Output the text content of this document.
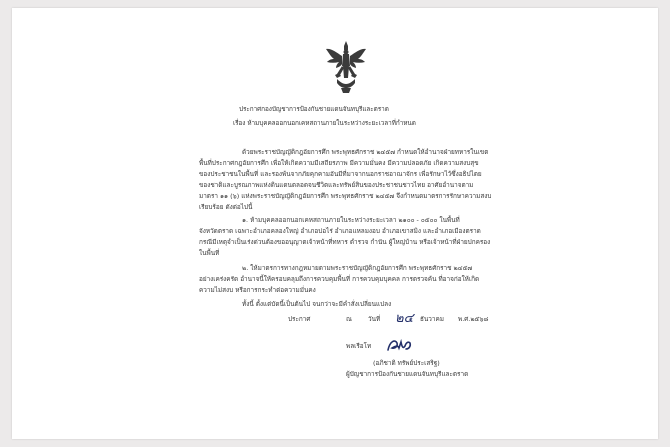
ประกาศกองบัญชาการป้องกันชายแดนจันทบุรีและตราด
เรื่อง ห้ามบุคคลออกนอกเคหสถานภายในระหว่างระยะเวลาที่กำหนด
ด้วยพระราชบัญญัติกฎอัยการศึก พระพุทธศักราช ๒๔๕๗ กำหนดให้อำนาจฝ่ายทหารในเขต
พื้นที่ประกาศกฎอัยการศึก เพื่อให้เกิดความมีเสถียรภาพ มีความมั่นคง มีความปลอดภัย เกิดความสงบสุข
ของประชาชนในพื้นที่ และรองพ้นจากภัยคุกคามอันมีที่มาจากนอกราชอาณาจักร เพื่อรักษาไว้ซึ่งอธิปไตย
ของชาติและบูรณภาพแห่งดินแดนตลอดจนชีวิตและทรัพย์สินของประชาชนชาวไทย อาศัยอำนาจตาม
มาตรา ๑๑ (๖) แห่งพระราชบัญญัติกฎอัยการศึก พระพุทธศักราช ๒๔๕๗ จึงกำหนดมาตรการรักษาความสงบ
เรียบร้อย ดังต่อไปนี้
๑. ห้ามบุคคลออกนอกเคหสถานภายในระหว่างระยะเวลา ๒๑๐๐ - ๐๕๐๐ ในพื้นที่
จังหวัดตราด เฉพาะอำเภอคลองใหญ่ อำเภอบ่อไร่ อำเภอแหลมงอบ อำเภอเขาสมิง และอำเภอเมืองตราด
กรณีมีเหตุจำเป็นเร่งด่วนต้องขออนุญาตเจ้าหน้าที่ทหาร ตำรวจ กำนัน ผู้ใหญ่บ้าน หรือเจ้าหน้าที่ฝ่ายปกครอง
ในพื้นที่
๒. ให้มาตรการทางกฎหมายตามพระราชบัญญัติกฎอัยการศึก พระพุทธศักราช ๒๔๕๗
อย่างเคร่งครัด อำนาจนี้ให้ครอบคลุมถึงการควบคุมพื้นที่ การควบคุมบุคคล การตรวจค้น ที่อาจก่อให้เกิด
ความไม่สงบ หรือการกระทำต่อความมั่นคง
ทั้งนี้ ตั้งแต่บัดนี้เป็นต้นไป จนกว่าจะมีคำสั่งเปลี่ยนแปลง
ประกาศ	ณ	วันที่ ๒๔ ธันวาคม พ.ศ.๒๕๖๘
พลเรือโท
(อภิชาติ ทรัพย์ประเสริฐ)
ผู้บัญชาการป้องกันชายแดนจันทบุรีและตราด
